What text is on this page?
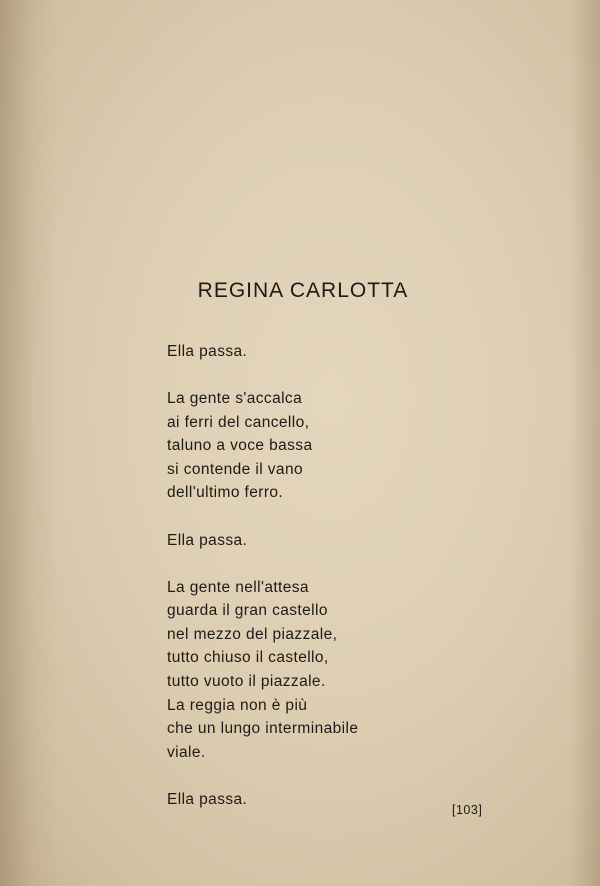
REGINA CARLOTTA
Ella passa.
La gente s'accalca
ai ferri del cancello,
taluno a voce bassa
si contende il vano
dell'ultimo ferro.
Ella passa.
La gente nell'attesa
guarda il gran castello
nel mezzo del piazzale,
tutto chiuso il castello,
tutto vuoto il piazzale.
La reggia non è più
che un lungo interminabile
viale.
Ella passa.
[103]
